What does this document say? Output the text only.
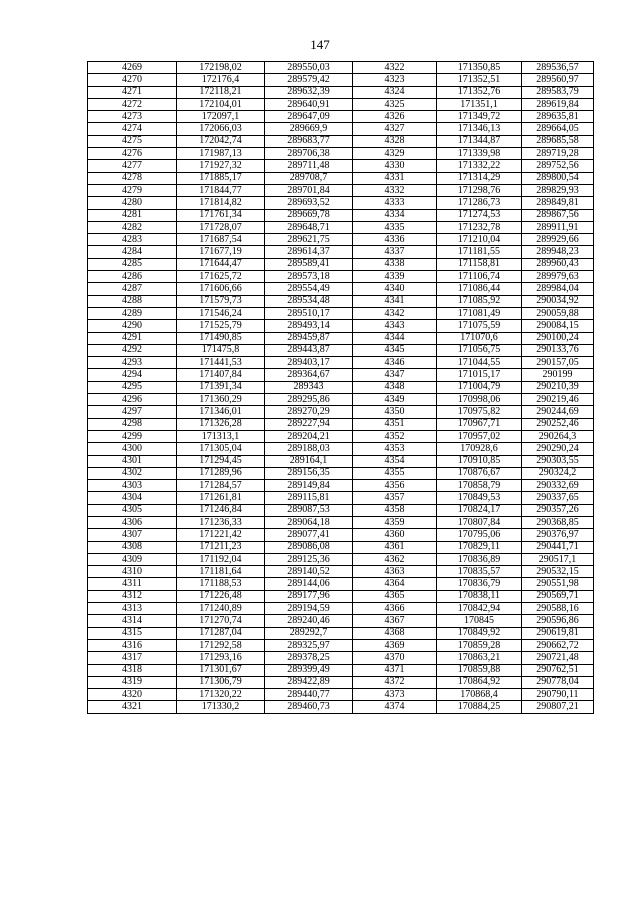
147
4269	172198,02	289550,03	4322	171350,85	289536,57
4270	172176,4	289579,42	4323	171352,51	289560,97
4271	172118,21	289632,39	4324	171352,76	289583,79
4272	172104,01	289640,91	4325	171351,1	289619,84
4273	172097,1	289647,09	4326	171349,72	289635,81
4274	172066,03	289669,9	4327	171346,13	289664,05
4275	172042,74	289683,77	4328	171344,87	289685,58
4276	171987,13	289706,38	4329	171339,98	289719,28
4277	171927,32	289711,48	4330	171332,22	289752,56
4278	171885,17	289708,7	4331	171314,29	289800,54
4279	171844,77	289701,84	4332	171298,76	289829,93
4280	171814,82	289693,52	4333	171286,73	289849,81
4281	171761,34	289669,78	4334	171274,53	289867,56
4282	171728,07	289648,71	4335	171232,78	289911,91
4283	171687,54	289621,75	4336	171210,04	289929,66
4284	171677,19	289614,37	4337	171181,55	289948,23
4285	171644,47	289589,41	4338	171158,81	289960,43
4286	171625,72	289573,18	4339	171106,74	289979,63
4287	171606,66	289554,49	4340	171086,44	289984,04
4288	171579,73	289534,48	4341	171085,92	290034,92
4289	171546,24	289510,17	4342	171081,49	290059,88
4290	171525,79	289493,14	4343	171075,59	290084,15
4291	171490,85	289459,87	4344	171070,6	290100,24
4292	171475,8	289443,87	4345	171056,75	290133,76
4293	171441,53	289403,17	4346	171044,55	290157,05
4294	171407,84	289364,67	4347	171015,17	290199
4295	171391,34	289343	4348	171004,79	290210,39
4296	171360,29	289295,86	4349	170998,06	290219,46
4297	171346,01	289270,29	4350	170975,82	290244,69
4298	171326,28	289227,94	4351	170967,71	290252,46
4299	171313,1	289204,21	4352	170957,02	290264,3
4300	171305,04	289188,03	4353	170928,6	290290,24
4301	171294,45	289164,1	4354	170910,85	290303,55
4302	171289,96	289156,35	4355	170876,67	290324,2
4303	171284,57	289149,84	4356	170858,79	290332,69
4304	171261,81	289115,81	4357	170849,53	290337,65
4305	171246,84	289087,53	4358	170824,17	290357,26
4306	171236,33	289064,18	4359	170807,84	290368,85
4307	171221,42	289077,41	4360	170795,06	290376,97
4308	171211,23	289086,08	4361	170829,11	290441,71
4309	171192,04	289125,36	4362	170836,89	290517,1
4310	171181,64	289140,52	4363	170835,57	290532,15
4311	171188,53	289144,06	4364	170836,79	290551,98
4312	171226,48	289177,96	4365	170838,11	290569,71
4313	171240,89	289194,59	4366	170842,94	290588,16
4314	171270,74	289240,46	4367	170845	290596,86
4315	171287,04	289292,7	4368	170849,92	290619,81
4316	171292,58	289325,97	4369	170859,28	290662,72
4317	171293,16	289378,25	4370	170863,21	290721,48
4318	171301,67	289399,49	4371	170859,88	290762,51
4319	171306,79	289422,89	4372	170864,92	290778,04
4320	171320,22	289440,77	4373	170868,4	290790,11
4321	171330,2	289460,73	4374	170884,25	290807,21
